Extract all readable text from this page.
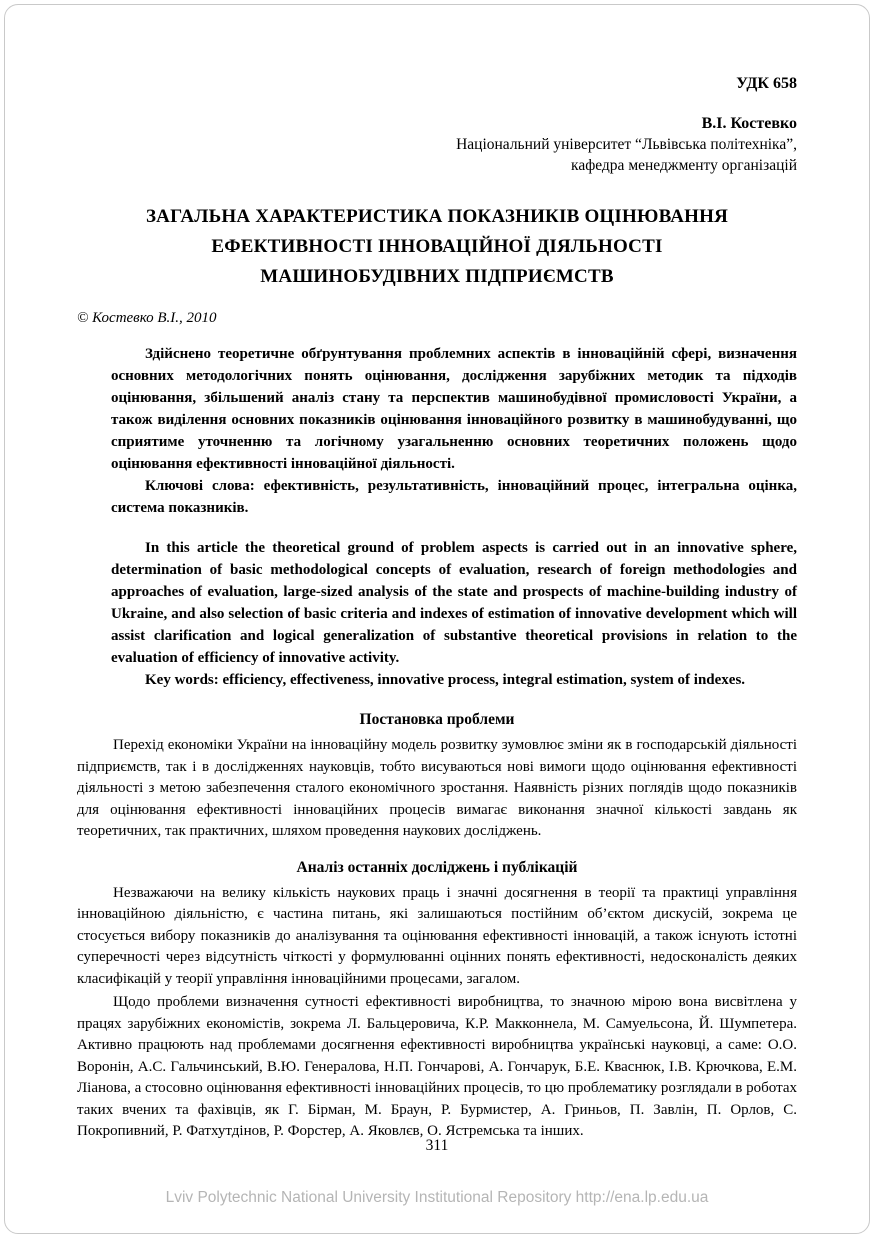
УДК 658
В.І. Костевко
Національний університет “Львівська політехніка”,
кафедра менеджменту організацій
ЗАГАЛЬНА ХАРАКТЕРИСТИКА ПОКАЗНИКІВ ОЦІНЮВАННЯ ЕФЕКТИВНОСТІ ІННОВАЦІЙНОЇ ДІЯЛЬНОСТІ МАШИНОБУДІВНИХ ПІДПРИЄМСТВ
© Костевко В.І., 2010

Здійснено теоретичне обґрунтування проблемних аспектів в інноваційній сфері, визначення основних методологічних понять оцінювання, дослідження зарубіжних методик та підходів оцінювання, збільшений аналіз стану та перспектив машинобудівної промисловості України, а також виділення основних показників оцінювання інноваційного розвитку в машинобудуванні, що сприятиме уточненню та логічному узагальненню основних теоретичних положень щодо оцінювання ефективності інноваційної діяльності.

Ключові слова: ефективність, результативність, інноваційний процес, інтегральна оцінка, система показників.

In this article the theoretical ground of problem aspects is carried out in an innovative sphere, determination of basic methodological concepts of evaluation, research of foreign methodologies and approaches of evaluation, large-sized analysis of the state and prospects of machine-building industry of Ukraine, and also selection of basic criteria and indexes of estimation of innovative development which will assist clarification and logical generalization of substantive theoretical provisions in relation to the evaluation of efficiency of innovative activity.

Key words: efficiency, effectiveness, innovative process, integral estimation, system of indexes.

Постановка проблеми

Перехід економіки України на інноваційну модель розвитку зумовлює зміни як в господарській діяльності підприємств, так і в дослідженнях науковців, тобто висуваються нові вимоги щодо оцінювання ефективності діяльності з метою забезпечення сталого економічного зростання. Наявність різних поглядів щодо показників для оцінювання ефективності інноваційних процесів вимагає виконання значної кількості завдань як теоретичних, так практичних, шляхом проведення наукових досліджень.

Аналіз останніх досліджень і публікацій

Незважаючи на велику кількість наукових праць і значні досягнення в теорії та практиці управління інноваційною діяльністю, є частина питань, які залишаються постійним об’єктом дискусій, зокрема це стосується вибору показників до аналізування та оцінювання ефективності інновацій, а також існують істотні суперечності через відсутність чіткості у формулюванні оцінних понять ефективності, недосконалість деяких класифікацій у теорії управління інноваційними процесами, загалом.

Щодо проблеми визначення сутності ефективності виробництва, то значною мірою вона висвітлена у працях зарубіжних економістів, зокрема Л. Бальцеровича, К.Р. Макконнела, М. Самуельсона, Й. Шумпетера. Активно працюють над проблемами досягнення ефективності виробництва українські науковці, а саме: О.О. Воронін, А.С. Гальчинський, В.Ю. Генералова, Н.П. Гончарові, А. Гончарук, Б.Е. Кваснюк, І.В. Крючкова, Е.М. Ліанова, а стосовно оцінювання ефективності інноваційних процесів, то цю проблематику розглядали в роботах таких вчених та фахівців, як Г. Бірман, М. Браун, Р. Бурмистер, А. Гриньов, П. Завлін, П. Орлов, С. Покропивний, Р. Фатхутдінов, Р. Форстер, А. Яковлєв, О. Ястремська та інших.

311
Lviv Polytechnic National University Institutional Repository http://ena.lp.edu.ua
